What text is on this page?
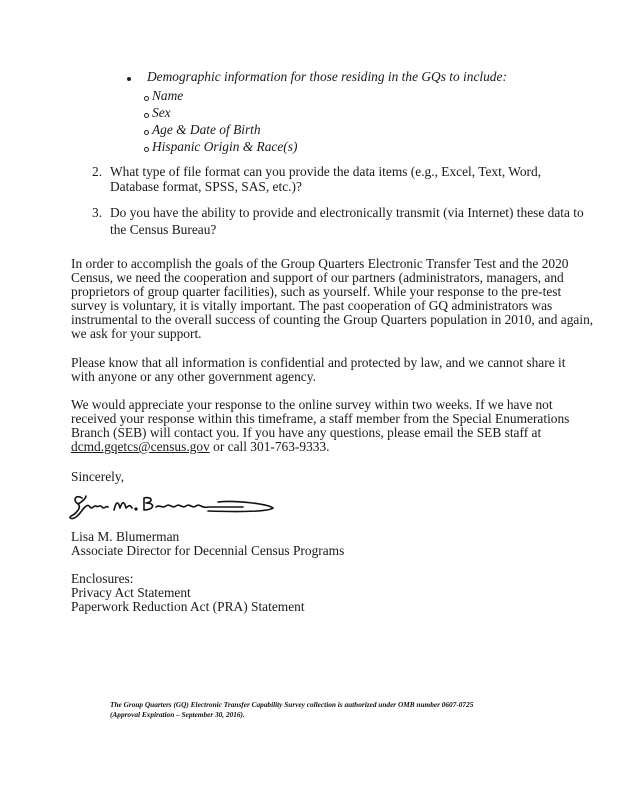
Demographic information for those residing in the GQs to include:
Name
Sex
Age & Date of Birth
Hispanic Origin & Race(s)
2. What type of file format can you provide the data items (e.g., Excel, Text, Word,
Database format, SPSS, SAS, etc.)?
3. Do you have the ability to provide and electronically transmit (via Internet) these data to
the Census Bureau?
In order to accomplish the goals of the Group Quarters Electronic Transfer Test and the 2020
Census, we need the cooperation and support of our partners (administrators, managers, and
proprietors of group quarter facilities), such as yourself. While your response to the pre-test
survey is voluntary, it is vitally important. The past cooperation of GQ administrators was
instrumental to the overall success of counting the Group Quarters population in 2010, and again,
we ask for your support.
Please know that all information is confidential and protected by law, and we cannot share it
with anyone or any other government agency.
We would appreciate your response to the online survey within two weeks. If we have not
received your response within this timeframe, a staff member from the Special Enumerations
Branch (SEB) will contact you. If you have any questions, please email the SEB staff at
dcmd.gqetcs@census.gov or call 301-763-9333.
Sincerely,
Lisa M. Blumerman
Associate Director for Decennial Census Programs
Enclosures:
Privacy Act Statement
Paperwork Reduction Act (PRA) Statement
The Group Quarters (GQ) Electronic Transfer Capability Survey collection is authorized under OMB number 0607-0725
(Approval Expiration – September 30, 2016).
